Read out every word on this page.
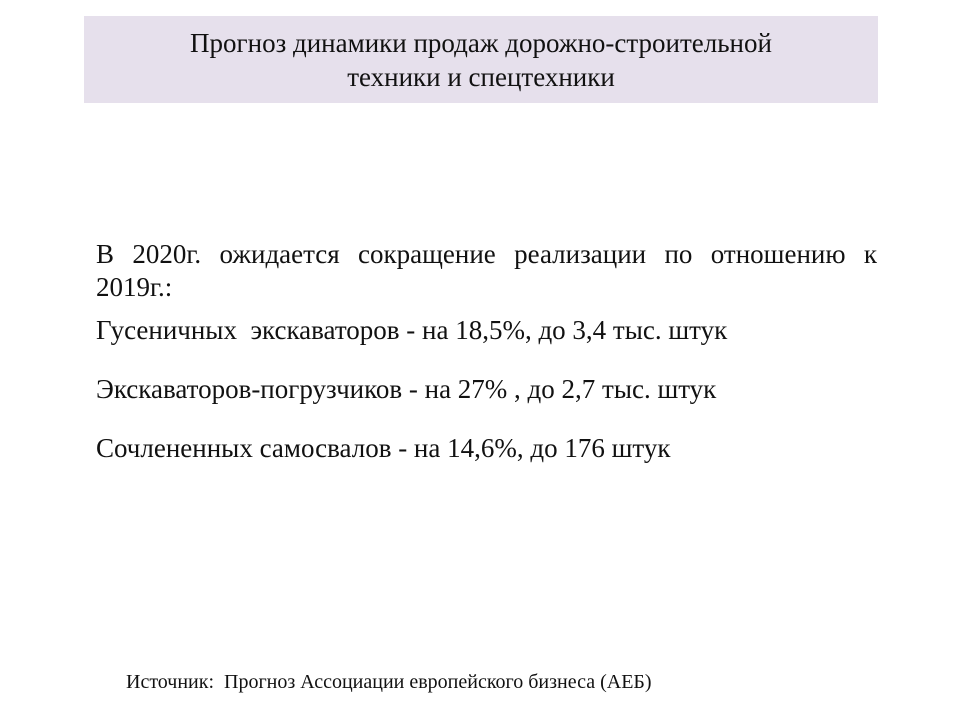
Прогноз динамики продаж дорожно-строительной
техники и спецтехники

В 2020г. ожидается сокращение реализации по отношению к 2019г.:

Гусеничных  экскаваторов - на 18,5%, до 3,4 тыс. штук
Экскаваторов-погрузчиков - на 27% , до 2,7 тыс. штук
Сочлененных самосвалов - на 14,6%, до 176 штук

Источник:  Прогноз Ассоциации европейского бизнеса (АЕБ)
